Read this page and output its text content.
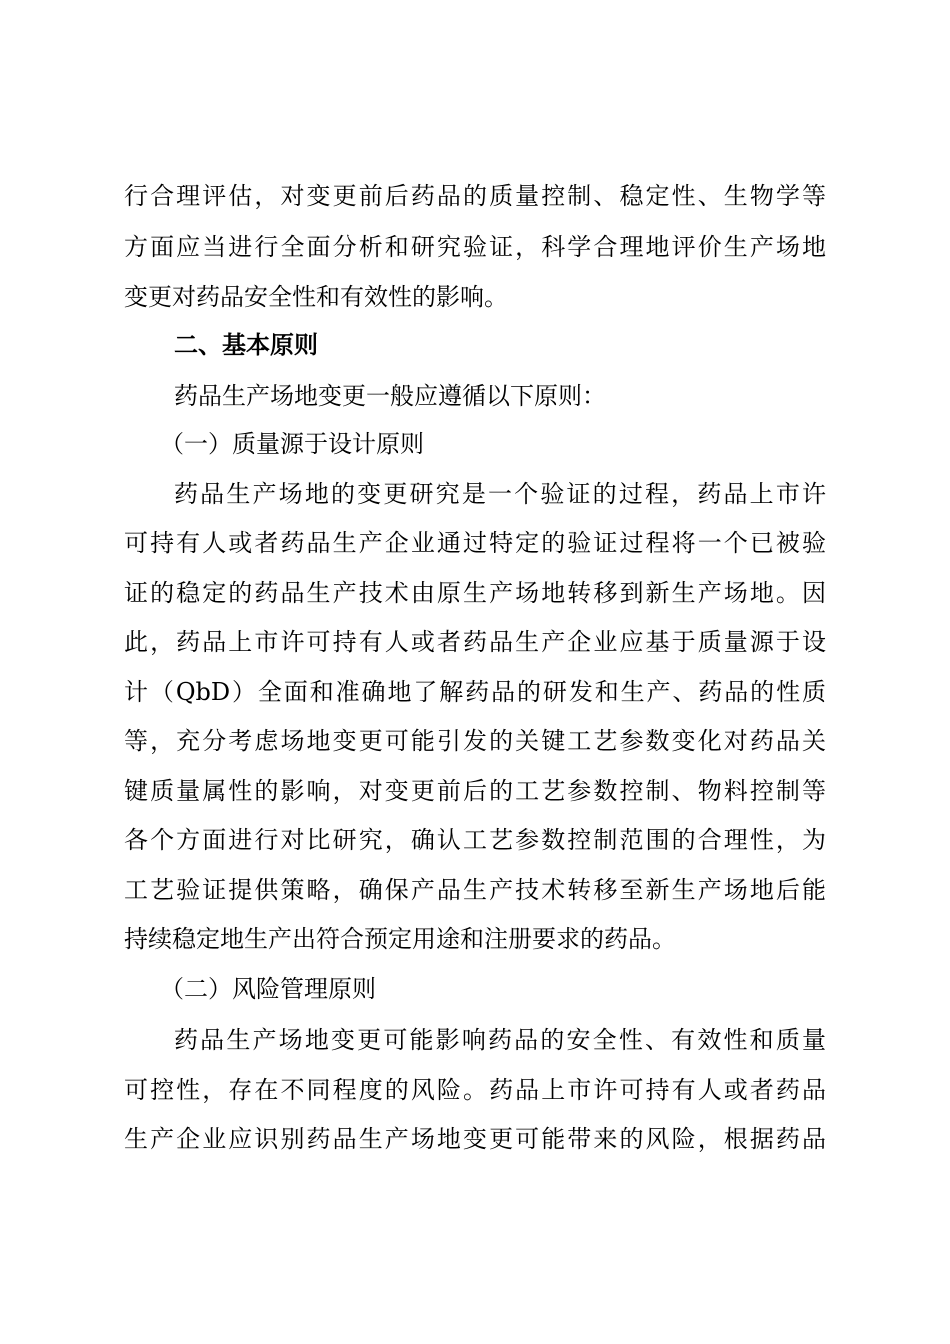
行合理评估，对变更前后药品的质量控制、稳定性、生物学等
方面应当进行全面分析和研究验证，科学合理地评价生产场地
变更对药品安全性和有效性的影响。
二、基本原则
药品生产场地变更一般应遵循以下原则：
（一）质量源于设计原则
药品生产场地的变更研究是一个验证的过程，药品上市许
可持有人或者药品生产企业通过特定的验证过程将一个已被验
证的稳定的药品生产技术由原生产场地转移到新生产场地。因
此，药品上市许可持有人或者药品生产企业应基于质量源于设
计（QbD）全面和准确地了解药品的研发和生产、药品的性质
等，充分考虑场地变更可能引发的关键工艺参数变化对药品关
键质量属性的影响，对变更前后的工艺参数控制、物料控制等
各个方面进行对比研究，确认工艺参数控制范围的合理性，为
工艺验证提供策略，确保产品生产技术转移至新生产场地后能
持续稳定地生产出符合预定用途和注册要求的药品。
（二）风险管理原则
药品生产场地变更可能影响药品的安全性、有效性和质量
可控性，存在不同程度的风险。药品上市许可持有人或者药品
生产企业应识别药品生产场地变更可能带来的风险，根据药品
